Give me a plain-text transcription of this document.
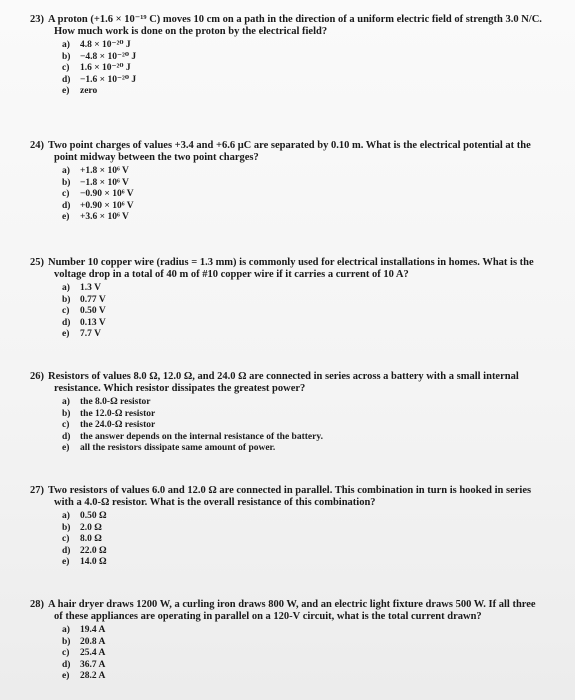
23) A proton (+1.6 × 10⁻¹⁹ C) moves 10 cm on a path in the direction of a uniform electric field of strength 3.0 N/C.
How much work is done on the proton by the electrical field?
a) 4.8 × 10⁻²⁰ J
b) −4.8 × 10⁻²⁰ J
c) 1.6 × 10⁻²⁰ J
d) −1.6 × 10⁻²⁰ J
e) zero
24) Two point charges of values +3.4 and +6.6 μC are separated by 0.10 m. What is the electrical potential at the
point midway between the two point charges?
a) +1.8 × 10⁶ V
b) −1.8 × 10⁶ V
c) −0.90 × 10⁶ V
d) +0.90 × 10⁶ V
e) +3.6 × 10⁶ V
25) Number 10 copper wire (radius = 1.3 mm) is commonly used for electrical installations in homes. What is the
voltage drop in a total of 40 m of #10 copper wire if it carries a current of 10 A?
a) 1.3 V
b) 0.77 V
c) 0.50 V
d) 0.13 V
e) 7.7 V
26) Resistors of values 8.0 Ω, 12.0 Ω, and 24.0 Ω are connected in series across a battery with a small internal
resistance. Which resistor dissipates the greatest power?
a) the 8.0-Ω resistor
b) the 12.0-Ω resistor
c) the 24.0-Ω resistor
d) the answer depends on the internal resistance of the battery.
e) all the resistors dissipate same amount of power.
27) Two resistors of values 6.0 and 12.0 Ω are connected in parallel. This combination in turn is hooked in series
with a 4.0-Ω resistor. What is the overall resistance of this combination?
a) 0.50 Ω
b) 2.0 Ω
c) 8.0 Ω
d) 22.0 Ω
e) 14.0 Ω
28) A hair dryer draws 1200 W, a curling iron draws 800 W, and an electric light fixture draws 500 W. If all three
of these appliances are operating in parallel on a 120-V circuit, what is the total current drawn?
a) 19.4 A
b) 20.8 A
c) 25.4 A
d) 36.7 A
e) 28.2 A
